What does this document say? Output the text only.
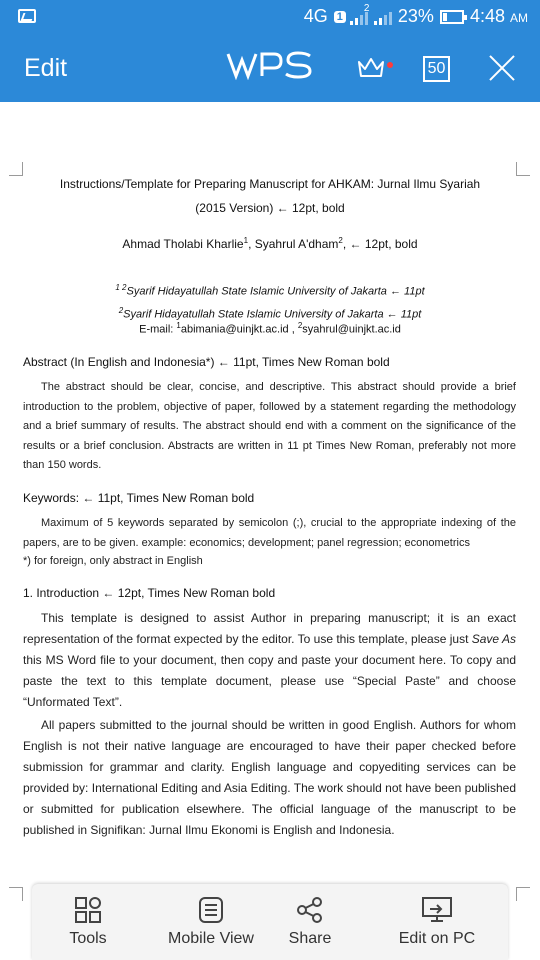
4G 1
2 23% 4:48 AM
Edit	50
Instructions/Template for Preparing Manuscript for AHKAM: Jurnal Ilmu Syariah
(2015 Version) ← 12pt, bold
Ahmad Tholabi Kharlie$^1$, Syahrul A'dham$^2$, ← 12pt, bold
$^{1 2}$Syarif Hidayatullah State Islamic University of Jakarta ← 11pt
$^2$Syarif Hidayatullah State Islamic University of Jakarta ← 11pt
E-mail: $^1$abimania@uinjkt.ac.id , $^2$syahrul@uinjkt.ac.id
Abstract (In English and Indonesia*) ← 11pt, Times New Roman bold
The abstract should be clear, concise, and descriptive. This abstract should provide a brief introduction to the problem, objective of paper, followed by a statement regarding the methodology and a brief summary of results. The abstract should end with a comment on the significance of the results or a brief conclusion. Abstracts are written in 11 pt Times New Roman, preferably not more than 150 words.
Keywords: ← 11pt, Times New Roman bold
Maximum of 5 keywords separated by semicolon (;), crucial to the appropriate indexing of the papers, are to be given. example: economics; development; panel regression; econometrics
*) for foreign, only abstract in English
1. Introduction ← 12pt, Times New Roman bold
This template is designed to assist Author in preparing manuscript; it is an exact representation of the format expected by the editor. To use this template, please just Save As this MS Word file to your document, then copy and paste your document here. To copy and paste the text to this template document, please use “Special Paste” and choose “Unformated Text”.
All papers submitted to the journal should be written in good English. Authors for whom English is not their native language are encouraged to have their paper checked before submission for grammar and clarity. English language and copyediting services can be provided by: International Editing and Asia Editing. The work should not have been published or submitted for publication elsewhere. The official language of the manuscript to be published in Signifikan: Jurnal Ilmu Ekonomi is English and Indonesia.
Tools	Mobile View	Share	Edit on PC
